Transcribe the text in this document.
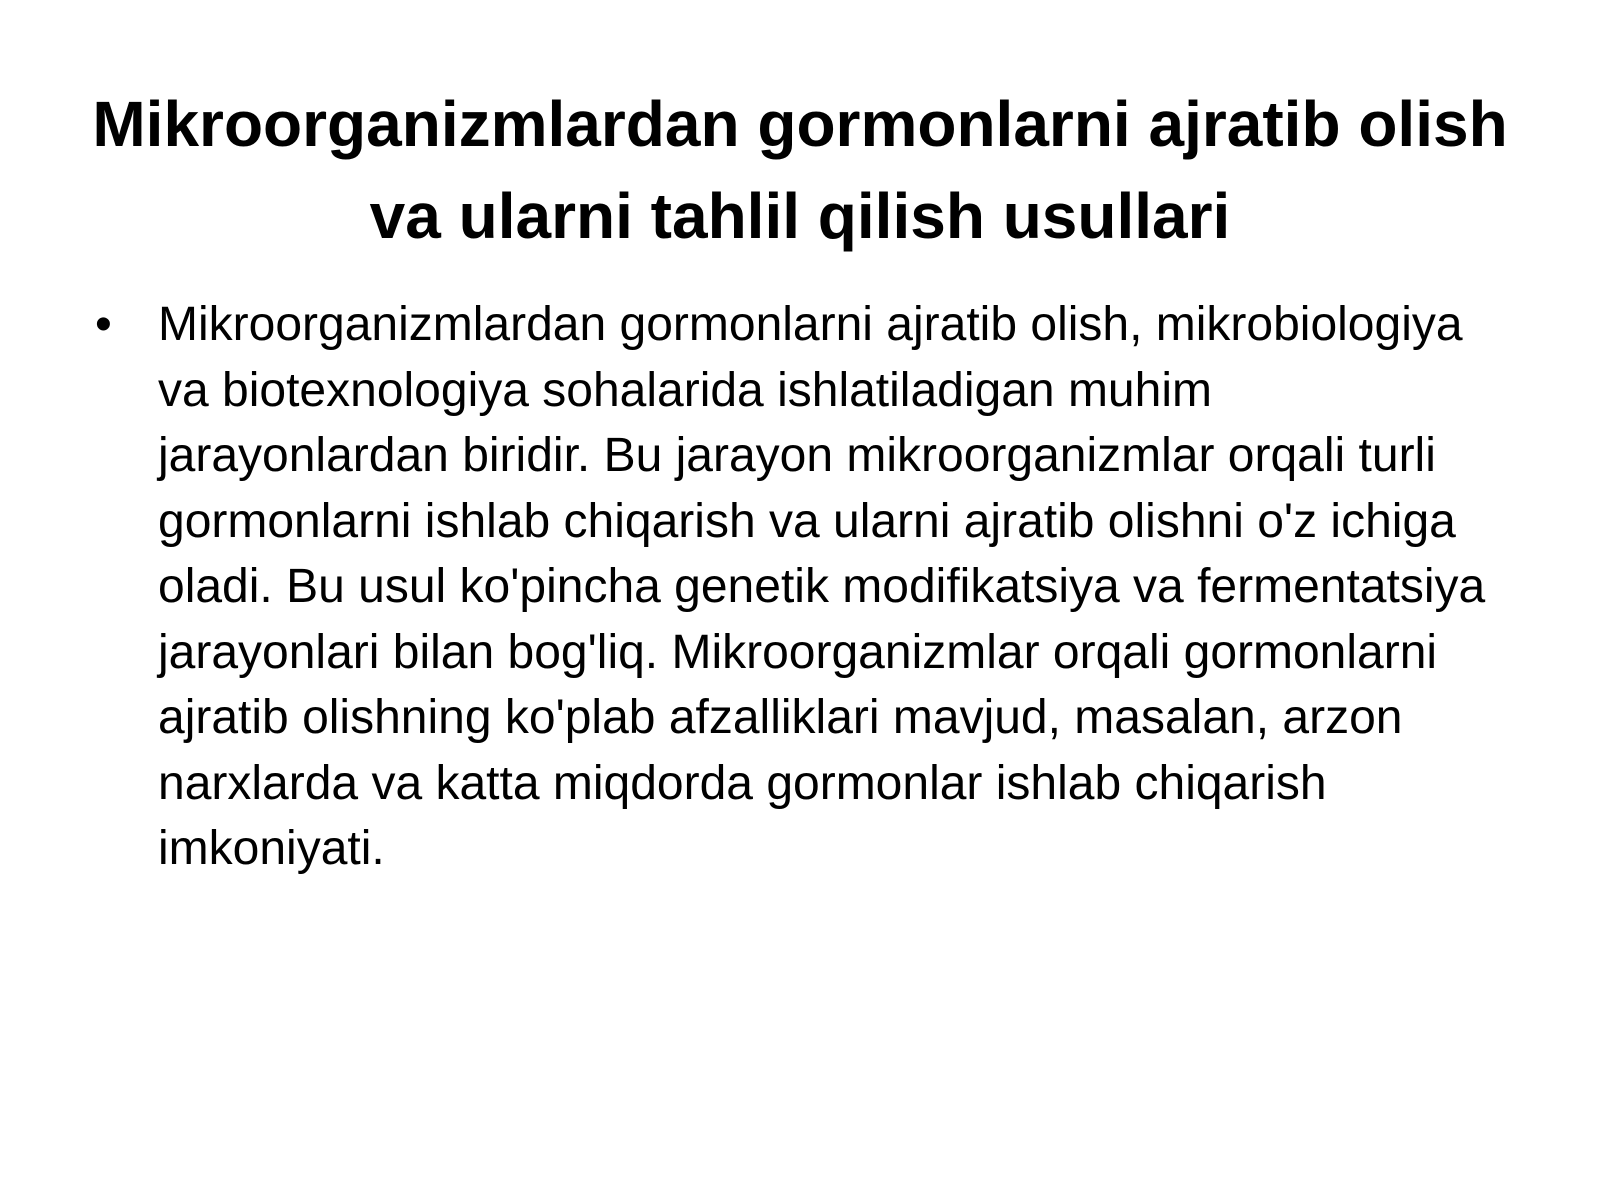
Mikroorganizmlardan gormonlarni ajratib olish va ularni tahlil qilish usullari
• Mikroorganizmlardan gormonlarni ajratib olish, mikrobiologiya va biotexnologiya sohalarida ishlatiladigan muhim jarayonlardan biridir. Bu jarayon mikroorganizmlar orqali turli gormonlarni ishlab chiqarish va ularni ajratib olishni o'z ichiga oladi. Bu usul ko'pincha genetik modifikatsiya va fermentatsiya jarayonlari bilan bog'liq. Mikroorganizmlar orqali gormonlarni ajratib olishning ko'plab afzalliklari mavjud, masalan, arzon narxlarda va katta miqdorda gormonlar ishlab chiqarish imkoniyati.
